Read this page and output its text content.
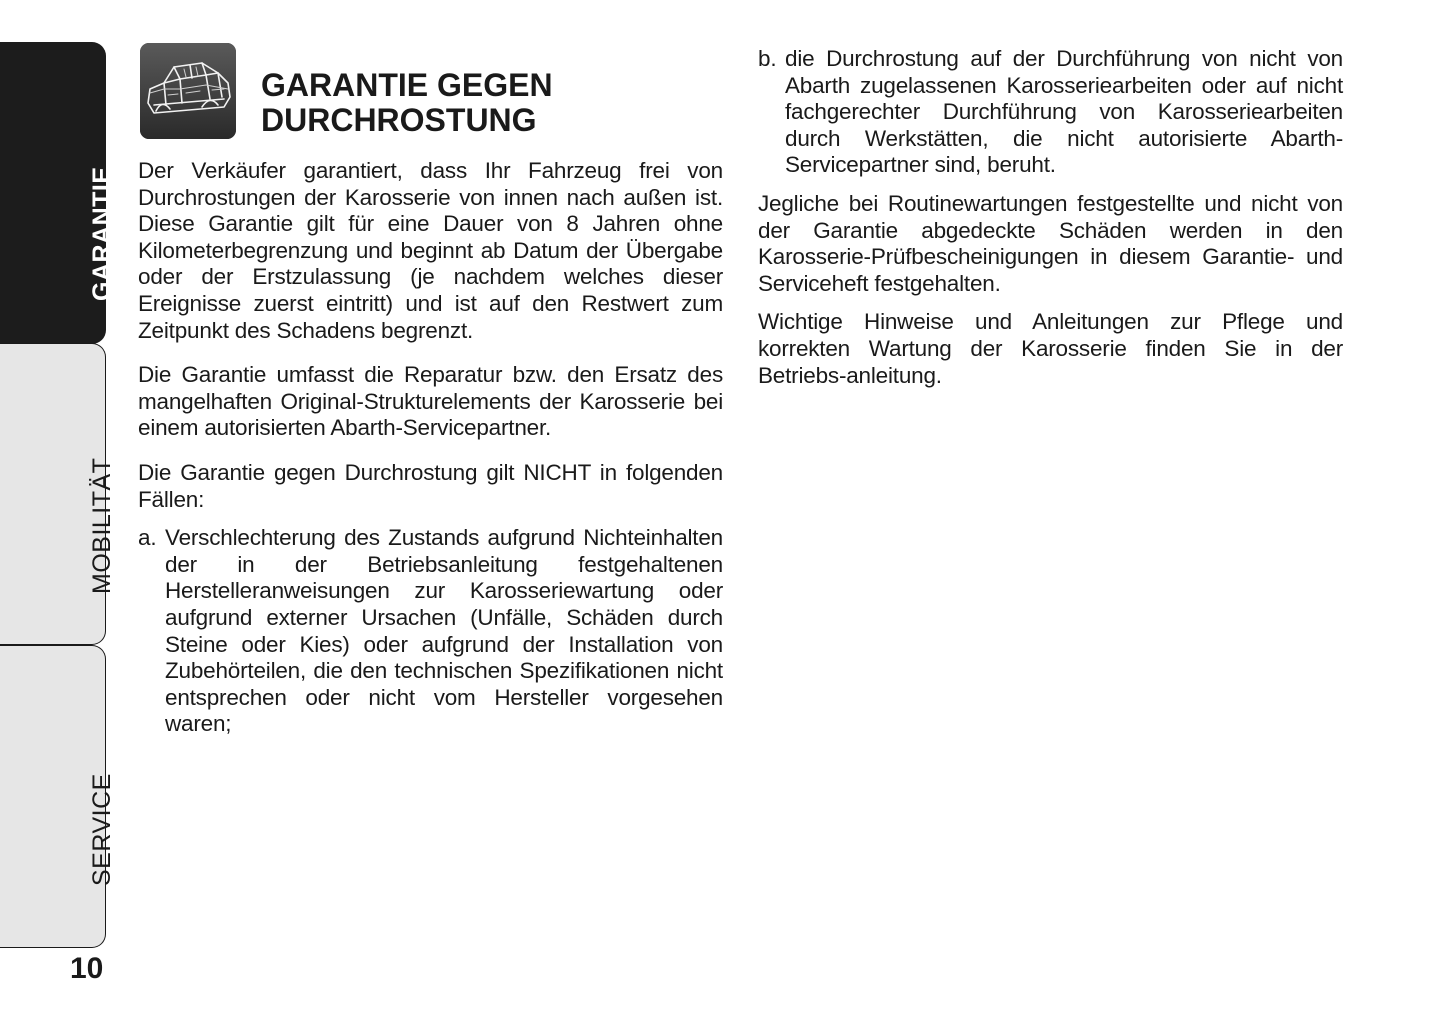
GARANTIE
MOBILITÄT
SERVICE
10
GARANTIE GEGEN
DURCHROSTUNG

Der Verkäufer garantiert, dass Ihr Fahrzeug frei von Durchrostungen der Karosserie von innen nach außen ist. Diese Garantie gilt für eine Dauer von 8 Jahren ohne Kilometerbegrenzung und beginnt ab Datum der Übergabe oder der Erstzulassung (je nachdem welches dieser Ereignisse zuerst eintritt) und ist auf den Restwert zum Zeitpunkt des Schadens begrenzt.

Die Garantie umfasst die Reparatur bzw. den Ersatz des mangelhaften Original-Strukturelements der Karosserie bei einem autorisierten Abarth-Servicepartner.

Die Garantie gegen Durchrostung gilt NICHT in folgenden Fällen:

a. Verschlechterung des Zustands aufgrund Nichteinhalten der in der Betriebsanleitung festgehaltenen Herstelleranweisungen zur Karosseriewartung oder aufgrund externer Ursachen (Unfälle, Schäden durch Steine oder Kies) oder aufgrund der Installation von Zubehörteilen, die den technischen Spezifikationen nicht entsprechen oder nicht vom Hersteller vorgesehen waren;
b. die Durchrostung auf der Durchführung von nicht von Abarth zugelassenen Karosseriearbeiten oder auf nicht fachgerechter Durchführung von Karosseriearbeiten durch Werkstätten, die nicht autorisierte Abarth-Servicepartner sind, beruht.

Jegliche bei Routinewartungen festgestellte und nicht von der Garantie abgedeckte Schäden werden in den Karosserie-Prüfbescheinigungen in diesem Garantie- und Serviceheft festgehalten.

Wichtige Hinweise und Anleitungen zur Pflege und korrekten Wartung der Karosserie finden Sie in der Betriebs-anleitung.
